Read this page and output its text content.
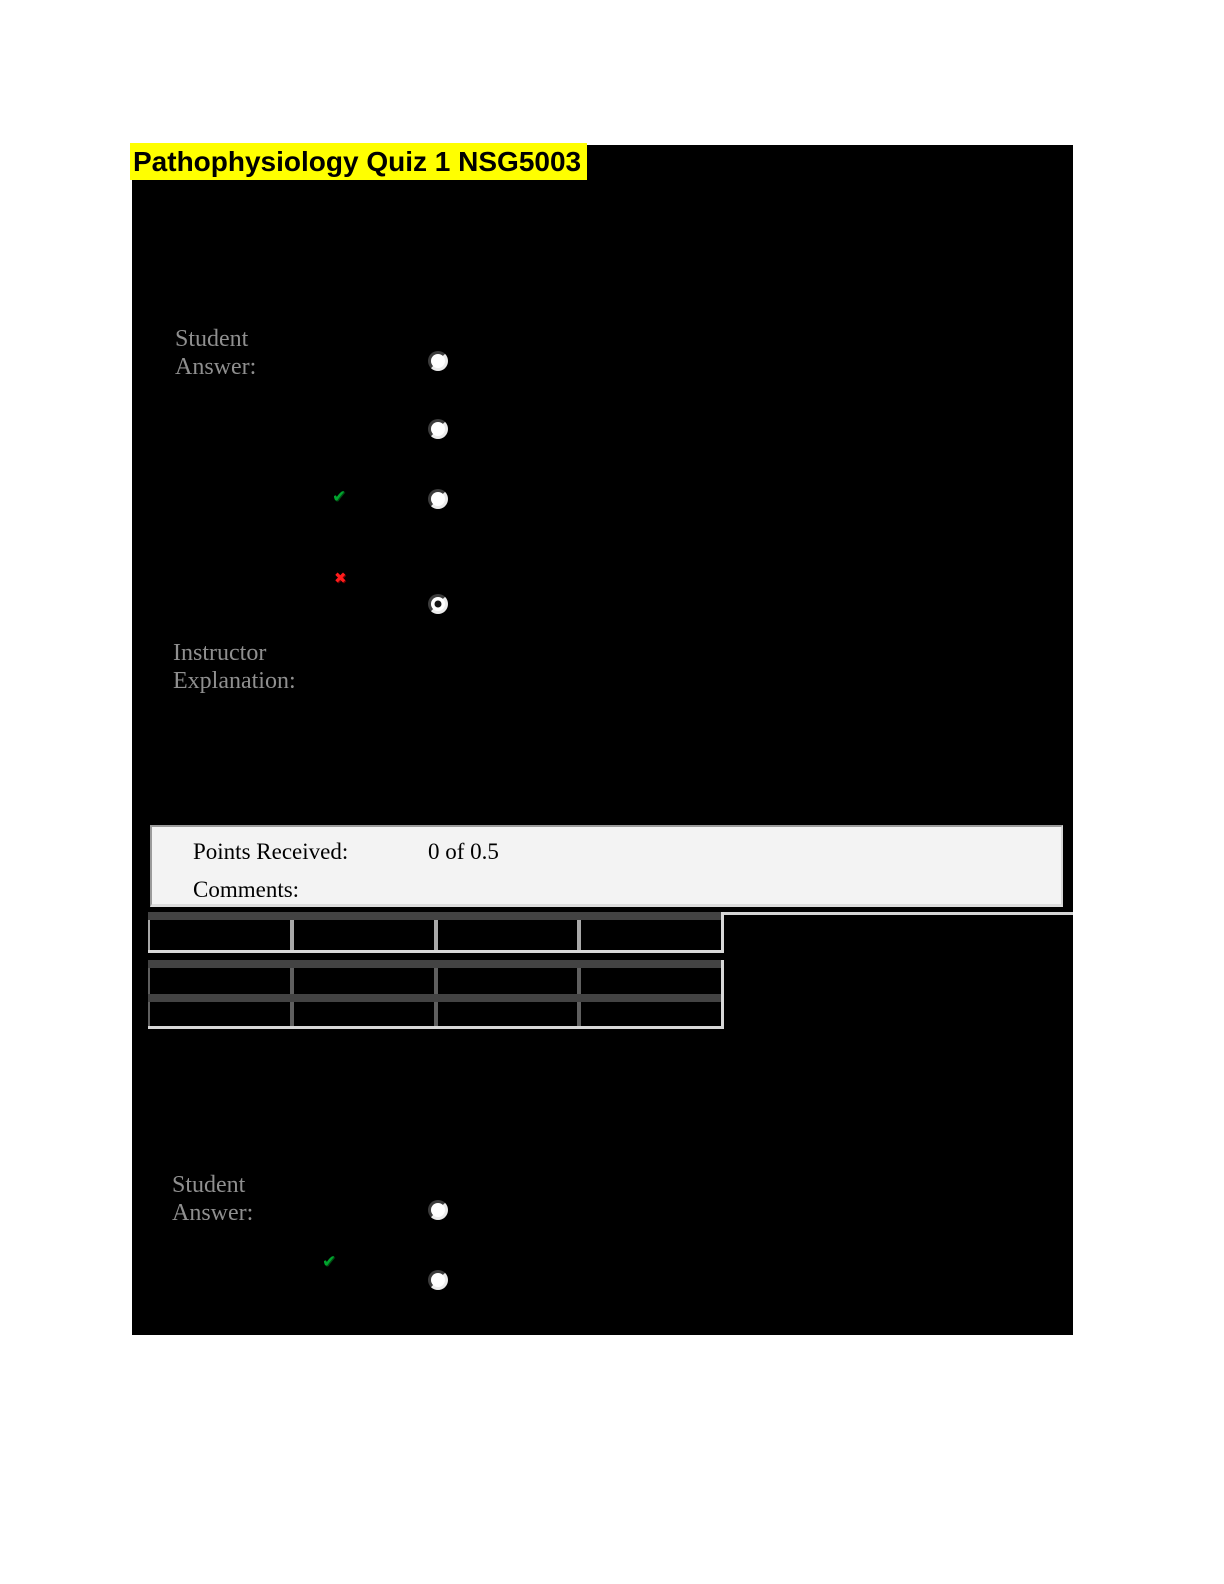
Pathophysiology Quiz 1 NSG5003
Student Answer:
✔
✖
Instructor Explanation:
Points Received:	0 of 0.5
Comments:
Student Answer:
✔
